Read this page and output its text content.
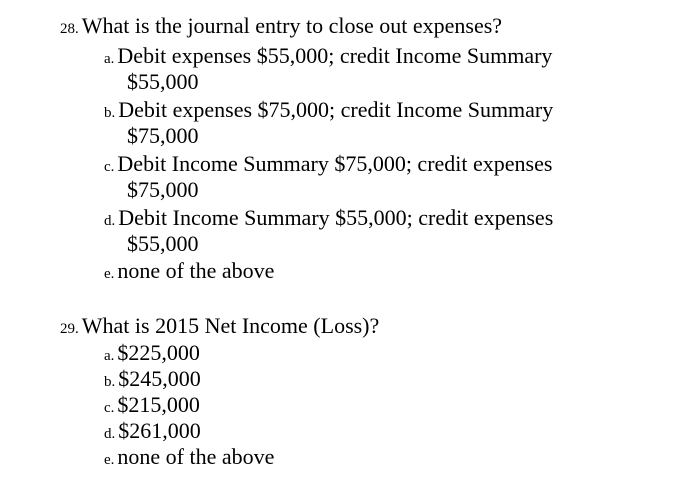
28. What is the journal entry to close out expenses?
a. Debit expenses $55,000; credit Income Summary
$55,000
b. Debit expenses $75,000; credit Income Summary
$75,000
c. Debit Income Summary $75,000; credit expenses
$75,000
d. Debit Income Summary $55,000; credit expenses
$55,000
e. none of the above
29. What is 2015 Net Income (Loss)?
a. $225,000
b. $245,000
c. $215,000
d. $261,000
e. none of the above
